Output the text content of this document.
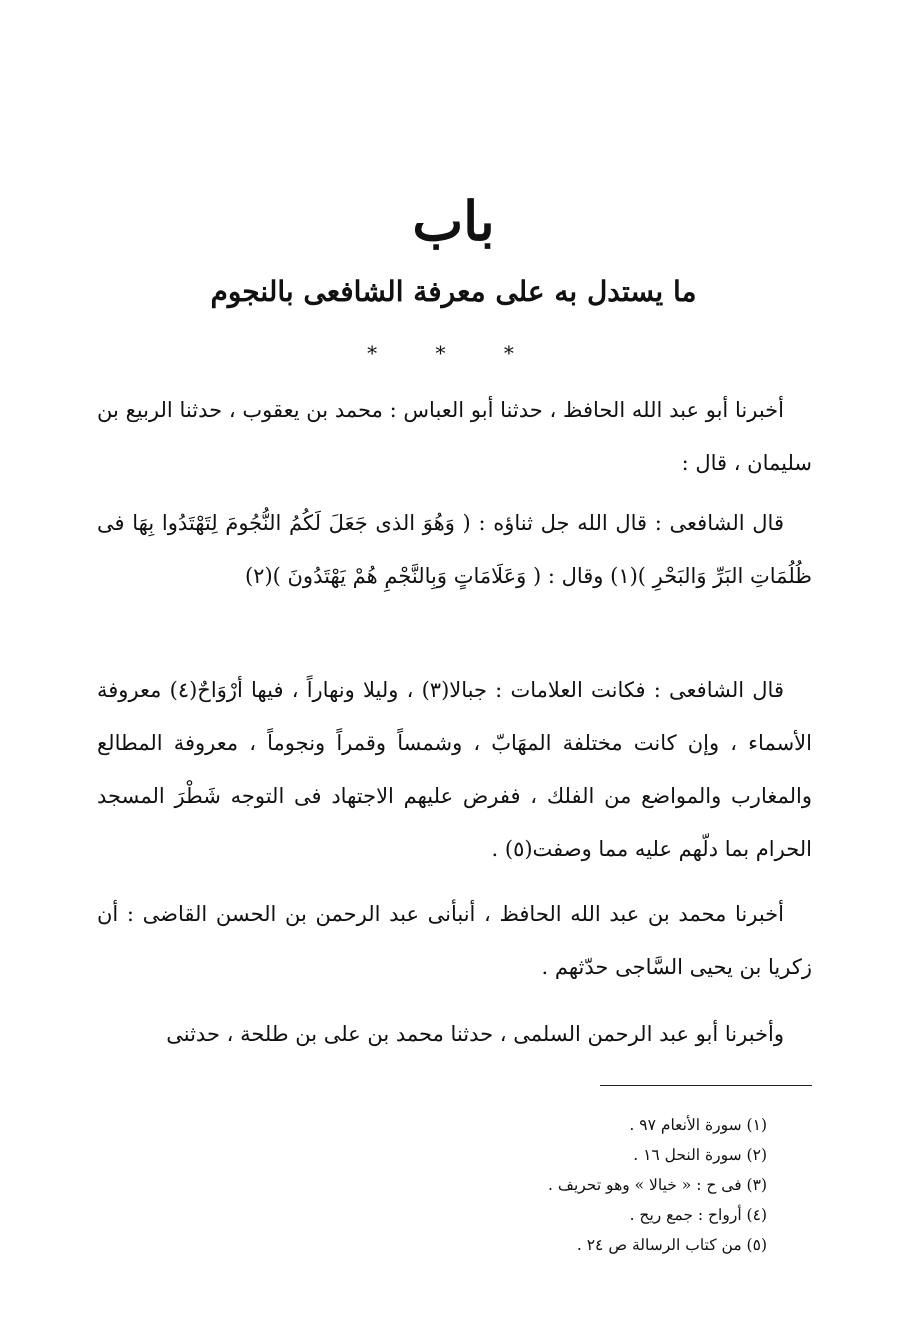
باب
ما يستدل به على معرفة الشافعى بالنجوم
* * *

أخبرنا أبو عبد الله الحافظ ، حدثنا أبو العباس : محمد بن يعقوب ، حدثنا الربيع بن سليمان ، قال :

قال الشافعى : قال الله جل ثناؤه : ( وَهُوَ الذى جَعَلَ لَكُمُ النُّجُومَ لِتَهْتَدُوا بِهَا فى ظُلُمَاتِ البَرِّ وَالبَحْرِ )(١) وقال : ( وَعَلَامَاتٍ وَبِالنَّجْمِ هُمْ يَهْتَدُونَ )(٢)

قال الشافعى : فكانت العلامات : جبالا(٣) ، وليلا ونهاراً ، فيها أرْوَاحٌ(٤) معروفة الأسماء ، وإن كانت مختلفة المهَابّ ، وشمساً وقمراً ونجوماً ، معروفة المطالع والمغارب والمواضع من الفلك ، ففرض عليهم الاجتهاد فى التوجه شَطْرَ المسجد الحرام بما دلّهم عليه مما وصفت(٥) .

أخبرنا محمد بن عبد الله الحافظ ، أنبأنى عبد الرحمن بن الحسن القاضى : أن زكريا بن يحيى السَّاجى حدّثهم .

وأخبرنا أبو عبد الرحمن السلمى ، حدثنا محمد بن على بن طلحة ، حدثنى

(١) سورة الأنعام ٩٧ .
(٢) سورة النحل ١٦ .
(٣) فى ح : « خيالا » وهو تحريف .
(٤) أرواح : جمع ريح .
(٥) من كتاب الرسالة ص ٢٤ .
